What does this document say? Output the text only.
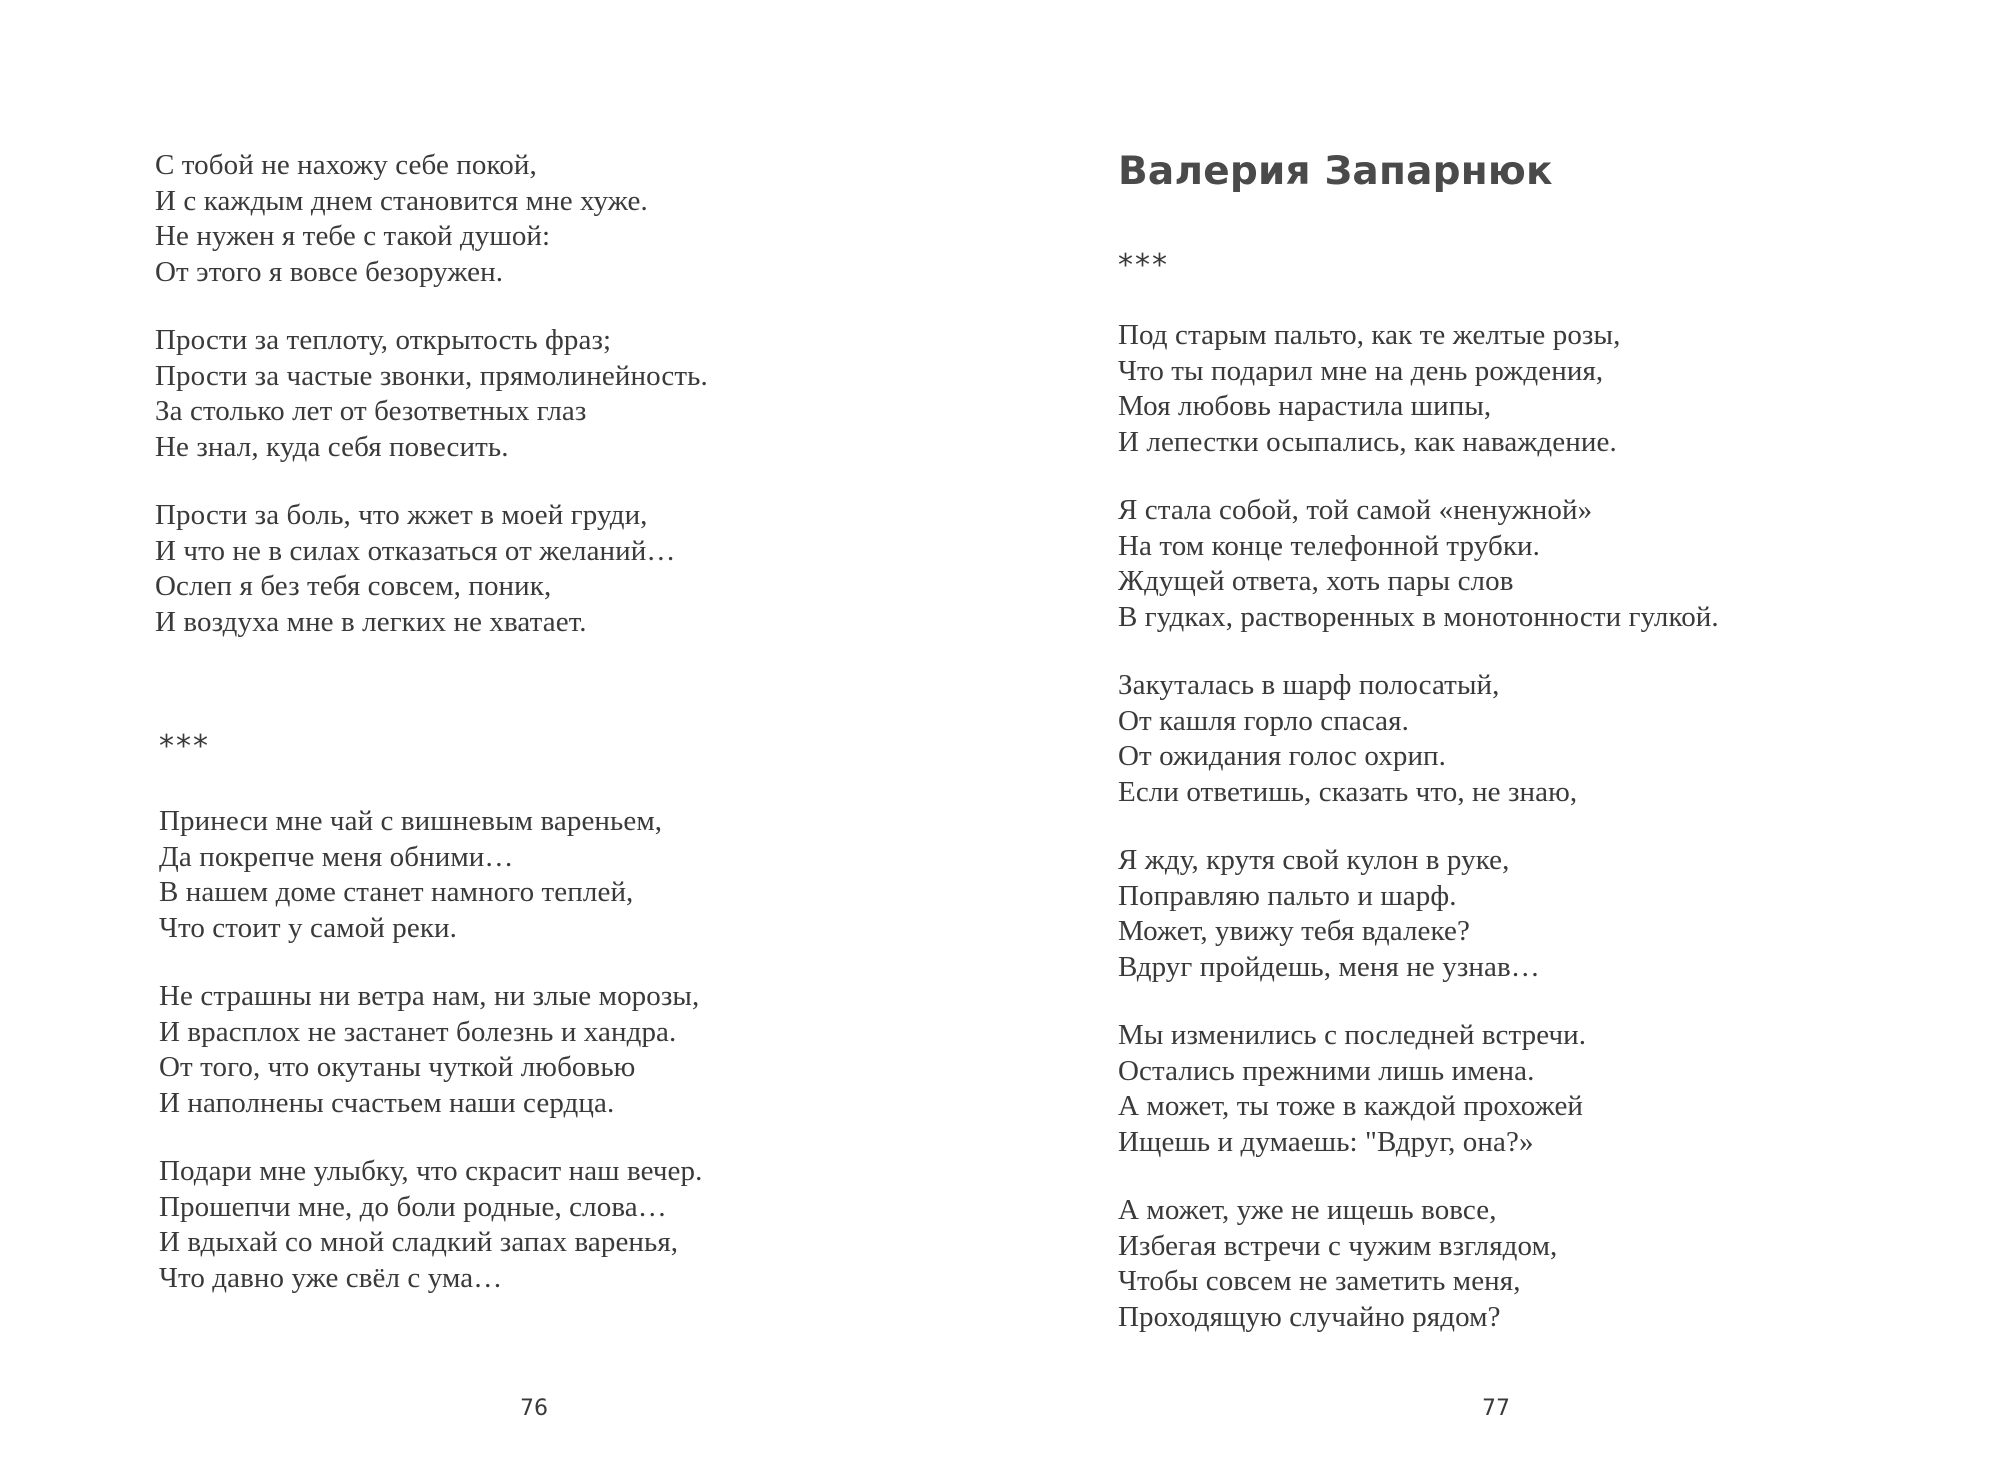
С тобой не нахожу себе покой,
И с каждым днем становится мне хуже.
Не нужен я тебе с такой душой:
От этого я вовсе безоружен.

Прости за теплоту, открытость фраз;
Прости за частые звонки, прямолинейность.
За столько лет от безответных глаз
Не знал, куда себя повесить.

Прости за боль, что жжет в моей груди,
И что не в силах отказаться от желаний…
Ослеп я без тебя совсем, поник,
И воздуха мне в легких не хватает.

***

Принеси мне чай с вишневым вареньем,
Да покрепче меня обними…
В нашем доме станет намного теплей,
Что стоит у самой реки.

Не страшны ни ветра нам, ни злые морозы,
И врасплох не застанет болезнь и хандра.
От того, что окутаны чуткой любовью
И наполнены счастьем наши сердца.

Подари мне улыбку, что скрасит наш вечер.
Прошепчи мне, до боли родные, слова…
И вдыхай со мной сладкий запах варенья,
Что давно уже свёл с ума…

76
Валерия Запарнюк

***

Под старым пальто, как те желтые розы,
Что ты подарил мне на день рождения,
Моя любовь нарастила шипы,
И лепестки осыпались, как наваждение.

Я стала собой, той самой «ненужной»
На том конце телефонной трубки.
Ждущей ответа, хоть пары слов
В гудках, растворенных в монотонности гулкой.

Закуталась в шарф полосатый,
От кашля горло спасая.
От ожидания голос охрип.
Если ответишь, сказать что, не знаю,

Я жду, крутя свой кулон в руке,
Поправляю пальто и шарф.
Может, увижу тебя вдалеке?
Вдруг пройдешь, меня не узнав…

Мы изменились с последней встречи.
Остались прежними лишь имена.
А может, ты тоже в каждой прохожей
Ищешь и думаешь: "Вдруг, она?»

А может, уже не ищешь вовсе,
Избегая встречи с чужим взглядом,
Чтобы совсем не заметить меня,
Проходящую случайно рядом?

77
